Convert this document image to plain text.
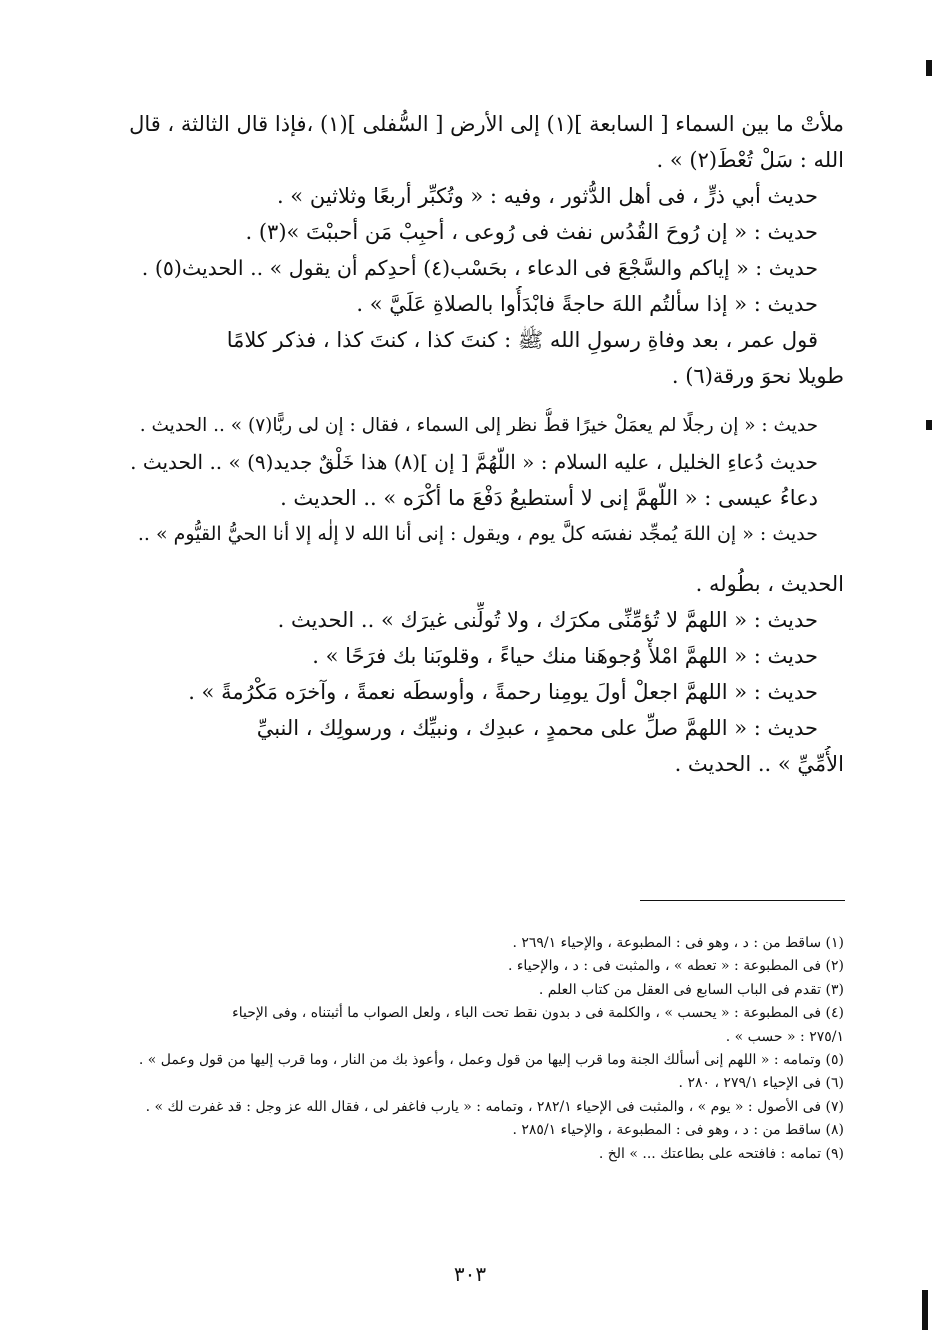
ملأتْ ما بين السماء [ السابعة ](١) إلى الأرض [ السُّفلى ](١) ،فإذا قال الثالثة ، قال
الله : سَلْ تُعْطَ(٢) » .
حديث أبي ذرٍّ ، فى أهل الدُّثور ، وفيه : « وتُكبِّر أربعًا وثلاثين » .
حديث : « إن رُوحَ القُدُس نفث فى رُوعى ، أحبِبْ مَن أحببْتَ »(٣) .
حديث : « إياكم والسَّجْعَ فى الدعاء ، بحَسْب(٤) أحدِكم أن يقول » .. الحديث(٥) .
حديث : « إذا سألتُم اللهَ حاجةً فابْدَأُوا بالصلاةِ عَلَيَّ » .
قول عمر ، بعد وفاةِ رسولِ الله ﷺ : كنتَ كذا ، كنتَ كذا ، فذكر كلامًا
طويلا نحوَ ورقة(٦) .
حديث : « إن رجلًا لم يعمَلْ خيرًا قطُّ نظر إلى السماء ، فقال : إن لى ربًّا(٧) » .. الحديث .
حديث دُعاءِ الخليل ، عليه السلام : « اللّهُمَّ [ إن ](٨) هذا خَلْقٌ جديد(٩) » .. الحديث .
دعاءُ عيسى : « اللّهمَّ إنى لا أستطيعُ دَفْعَ ما أكْرَه » .. الحديث .
حديث : « إن اللهَ يُمجِّد نفسَه كلَّ يوم ، ويقول : إنى أنا الله لا إلٰه إلا أنا الحيُّ القيُّوم » ..
الحديث ، بطُوله .
حديث : « اللهمَّ لا تُؤمِّنِّى مكرَك ، ولا تُولِّنى غيرَك » .. الحديث .
حديث : « اللهمَّ امْلأْ وُجوهَنا منك حياءً ، وقلوبَنا بك فرَحًا » .
حديث : « اللهمَّ اجعلْ أولَ يومِنا رحمةً ، وأوسطَه نعمةً ، وآخرَه مَكْرُمةً » .
حديث : « اللهمَّ صلِّ على محمدٍ ، عبدِك ، ونبيِّك ، ورسولِك ، النبيِّ
الأُمِّيِّ » .. الحديث .
(١) ساقط من : د ، وهو فى : المطبوعة ، والإحياء ٢٦٩/١ .
(٢) فى المطبوعة : « تعطه » ، والمثبت فى : د ، والإحياء .
(٣) تقدم فى الباب السابع فى العقل من كتاب العلم .
(٤) فى المطبوعة : « يحسب » ، والكلمة فى د بدون نقط تحت الباء ، ولعل الصواب ما أثبتناه ، وفى الإحياء
٢٧٥/١ : « حسب » .
(٥) وتمامه : « اللهم إنى أسألك الجنة وما قرب إليها من قول وعمل ، وأعوذ بك من النار ، وما قرب إليها من قول وعمل » .
(٦) فى الإحياء ٢٧٩/١ ، ٢٨٠ .
(٧) فى الأصول : « يوم » ، والمثبت فى الإحياء ٢٨٢/١ ، وتمامه : « يارب فاغفر لى ، فقال الله عز وجل : قد غفرت لك » .
(٨) ساقط من : د ، وهو فى : المطبوعة ، والإحياء ٢٨٥/١ .
(٩) تمامه : فافتحه على بطاعتك ... » الخ .
٣٠٣
